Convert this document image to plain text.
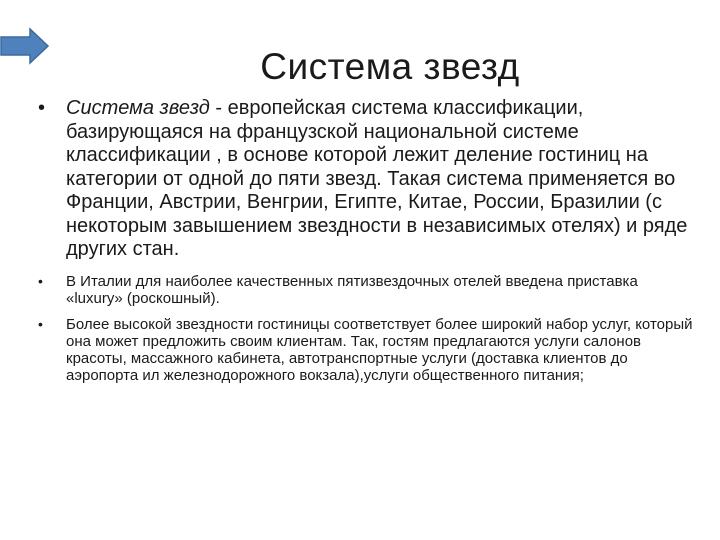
Система звезд
• Система звезд - европейская система классификации, базирующаяся на французской национальной системе классификации , в основе которой лежит деление гостиниц на категории от одной до пяти звезд. Такая система применяется во Франции, Австрии, Венгрии, Египте, Китае, России, Бразилии (с некоторым завышением звездности в независимых отелях) и ряде других стан.
• В Италии для наиболее качественных пятизвездочных отелей введена приставка «luxury» (роскошный).
• Более высокой звездности гостиницы соответствует более широкий набор услуг, который она может предложить своим клиентам. Так, гостям предлагаются услуги салонов красоты, массажного кабинета, автотранспортные услуги (доставка клиентов до аэропорта ил железнодорожного вокзала),услуги общественного питания;
